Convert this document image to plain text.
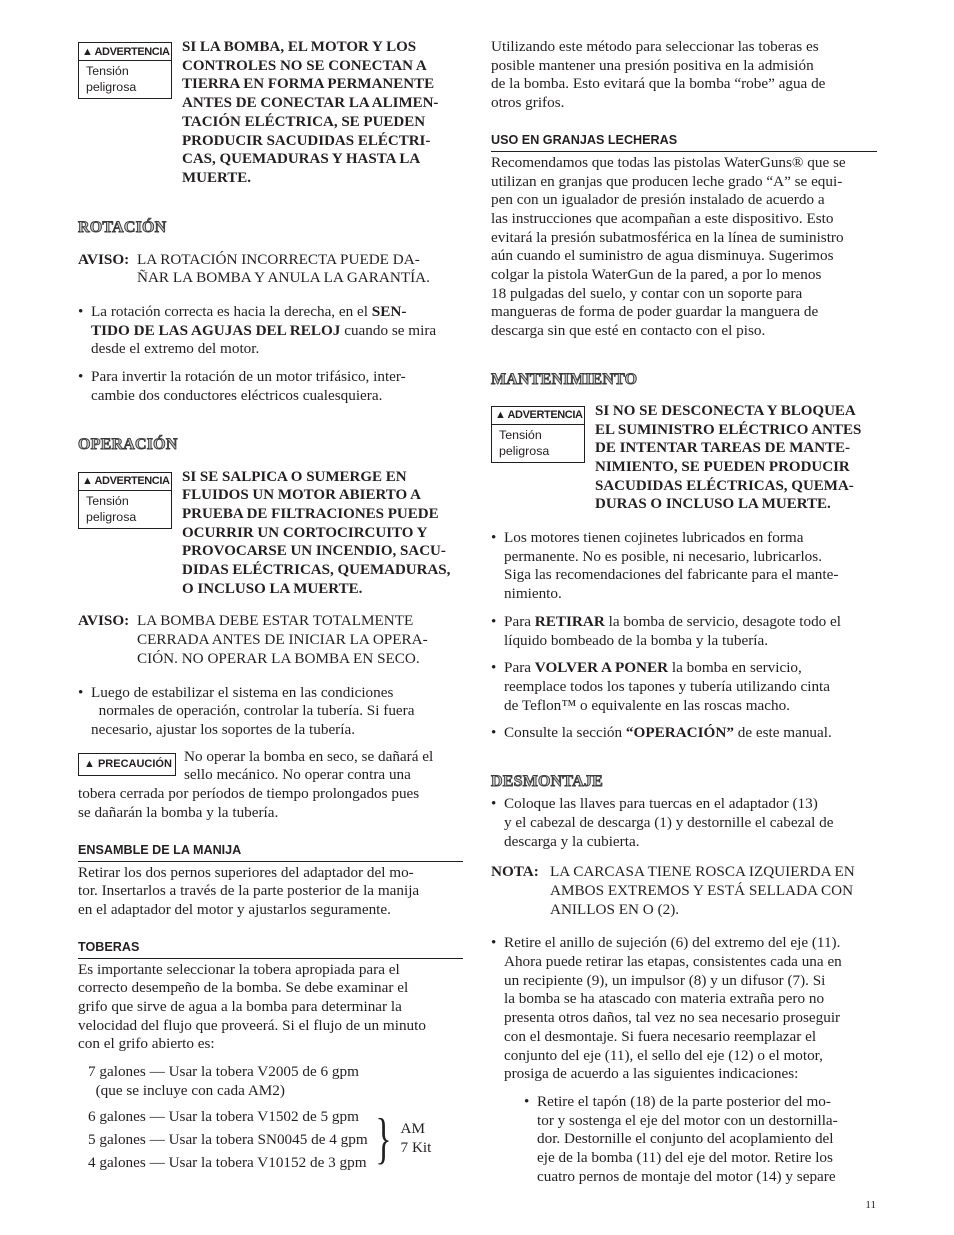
▲ ADVERTENCIA
Tensión
peligrosa
SI LA BOMBA, EL MOTOR Y LOS
CONTROLES NO SE CONECTAN A
TIERRA EN FORMA PERMANENTE
ANTES DE CONECTAR LA ALIMEN-
TACIÓN ELÉCTRICA, SE PUEDEN
PRODUCIR SACUDIDAS ELÉCTRI-
CAS, QUEMADURAS Y HASTA LA
MUERTE.
ROTACIÓN

AVISO: LA ROTACIÓN INCORRECTA PUEDE DA-

ÑAR LA BOMBA Y ANULA LA GARANTÍA.

• La rotación correcta es hacia la derecha, en el SEN-
TIDO DE LAS AGUJAS DEL RELOJ cuando se mira
desde el extremo del motor.

• Para invertir la rotación de un motor trifásico, inter-
cambie dos conductores eléctricos cualesquiera.

OPERACIÓN
▲ ADVERTENCIA
Tensión
peligrosa
SI SE SALPICA O SUMERGE EN
FLUIDOS UN MOTOR ABIERTO A
PRUEBA DE FILTRACIONES PUEDE
OCURRIR UN CORTOCIRCUITO Y
PROVOCARSE UN INCENDIO, SACU-
DIDAS ELÉCTRICAS, QUEMADURAS,
O INCLUSO LA MUERTE.

AVISO: LA BOMBA DEBE ESTAR TOTALMENTE

CERRADA ANTES DE INICIAR LA OPERA-

CIÓN. NO OPERAR LA BOMBA EN SECO.

• Luego de estabilizar el sistema en las condiciones
normales de operación, controlar la tubería. Si fuera
necesario, ajustar los soportes de la tubería.

▲
PRECAUCIÓN No operar la bomba en seco, se dañará el
sello mecánico. No operar contra una
tobera cerrada por períodos de tiempo prolongados pues
se dañarán la bomba y la tubería.

ENSAMBLE DE LA MANIJA

Retirar los dos pernos superiores del adaptador del mo-
tor. Insertarlos a través de la parte posterior de la manija
en el adaptador del motor y ajustarlos seguramente.

TOBERAS

Es importante seleccionar la tobera apropiada para el
correcto desempeño de la bomba. Se debe examinar el
grifo que sirve de agua a la bomba para determinar la
velocidad del flujo que proveerá. Si el flujo de un minuto
con el grifo abierto es:

7 galones — Usar la tobera V2005 de 6 gpm
(que se incluye con cada AM2)

6 galones — Usar la tobera V1502 de 5 gpm

5 galones — Usar la tobera SN0045 de 4 gpm

4 galones — Usar la tobera V10152 de 3 gpm } AM

7 Kit

Utilizando este método para seleccionar las toberas es
posible mantener una presión positiva en la admisión
de la bomba. Esto evitará que la bomba “robe” agua de
otros grifos.

USO EN GRANJAS LECHERAS

Recomendamos que todas las pistolas WaterGuns® que se
utilizan en granjas que producen leche grado “A” se equi-
pen con un igualador de presión instalado de acuerdo a
las instrucciones que acompañan a este dispositivo. Esto
evitará la presión subatmosférica en la línea de suministro
aún cuando el suministro de agua disminuya. Sugerimos
colgar la pistola WaterGun de la pared, a por lo menos
18 pulgadas del suelo, y contar con un soporte para
mangueras de forma de poder guardar la manguera de
descarga sin que esté en contacto con el piso.

MANTENIMIENTO
▲ ADVERTENCIA
Tensión
peligrosa
SI NO SE DESCONECTA Y BLOQUEA
EL SUMINISTRO ELÉCTRICO ANTES
DE INTENTAR TAREAS DE MANTE-
NIMIENTO, SE PUEDEN PRODUCIR
SACUDIDAS ELÉCTRICAS, QUEMA-
DURAS O INCLUSO LA MUERTE.

• Los motores tienen cojinetes lubricados en forma
permanente. No es posible, ni necesario, lubricarlos.
Siga las recomendaciones del fabricante para el mante-
nimiento.

• Para RETIRAR la bomba de servicio, desagote todo el
líquido bombeado de la bomba y la tubería.

• Para VOLVER A PONER la bomba en servicio,
reemplace todos los tapones y tubería utilizando cinta
de Teflon™ o equivalente en las roscas macho.

• Consulte la sección “OPERACIÓN” de este manual.

DESMONTAJE

• Coloque las llaves para tuercas en el adaptador (13)
y el cabezal de descarga (1) y destornille el cabezal de
descarga y la cubierta.

NOTA: LA CARCASA TIENE ROSCA IZQUIERDA EN

AMBOS EXTREMOS Y ESTÁ SELLADA CON

ANILLOS EN O (2).

• Retire el anillo de sujeción (6) del extremo del eje (11).
Ahora puede retirar las etapas, consistentes cada una en
un recipiente (9), un impulsor (8) y un difusor (7). Si
la bomba se ha atascado con materia extraña pero no
presenta otros daños, tal vez no sea necesario proseguir
con el desmontaje. Si fuera necesario reemplazar el
conjunto del eje (11), el sello del eje (12) o el motor,
prosiga de acuerdo a las siguientes indicaciones:

• Retire el tapón (18) de la parte posterior del mo-
tor y sostenga el eje del motor con un destornilla-
dor. Destornille el conjunto del acoplamiento del
eje de la bomba (11) del eje del motor. Retire los
cuatro pernos de montaje del motor (14) y separe

11
